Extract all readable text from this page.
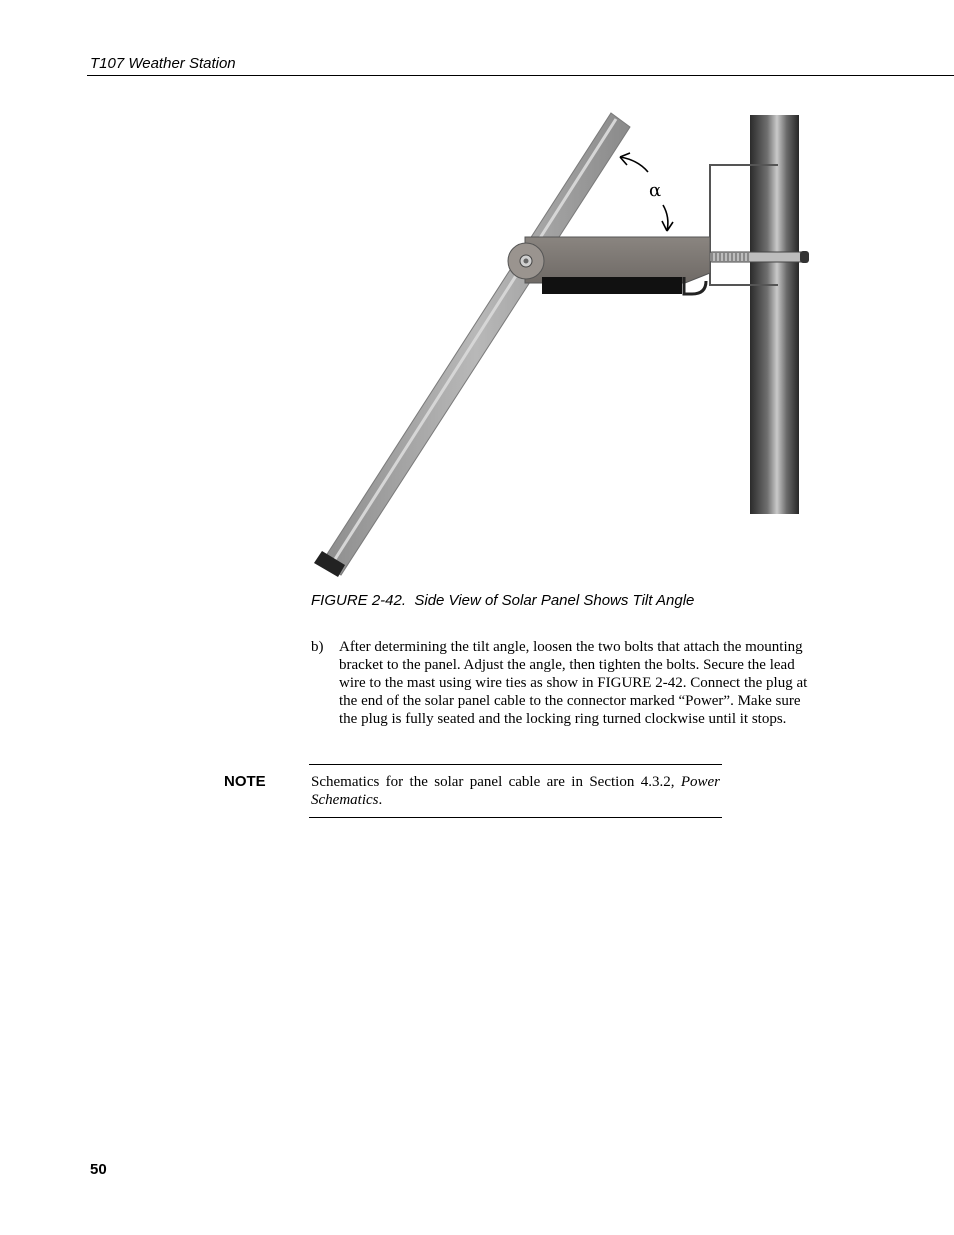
T107 Weather Station
α
FIGURE 2-42.  Side View of Solar Panel Shows Tilt Angle
b) After determining the tilt angle, loosen the two bolts that attach the mounting bracket to the panel. Adjust the angle, then tighten the bolts. Secure the lead wire to the mast using wire ties as show in FIGURE 2-42. Connect the plug at the end of the solar panel cable to the connector marked “Power”. Make sure the plug is fully seated and the locking ring turned clockwise until it stops.
NOTE	Schematics for the solar panel cable are in Section 4.3.2, Power Schematics.
50
